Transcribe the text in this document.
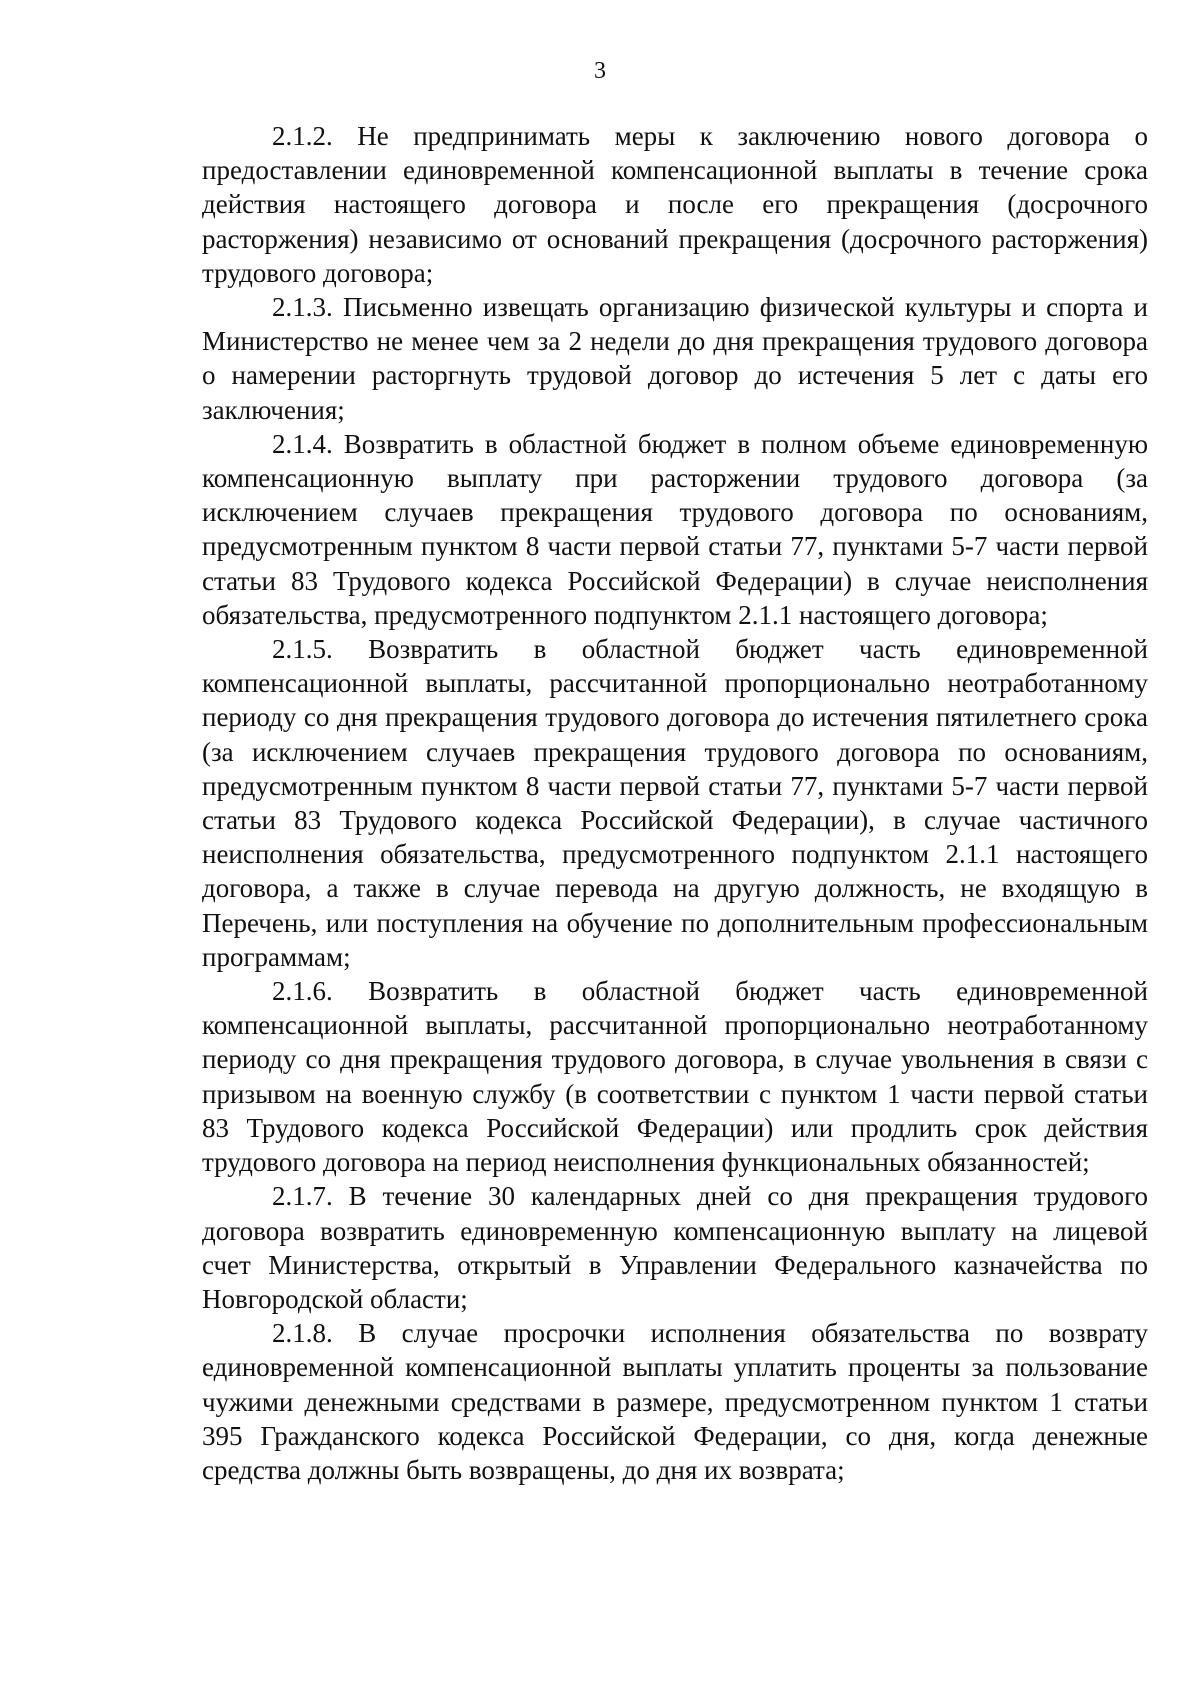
3

2.1.2. Не предпринимать меры к заключению нового договора о предоставлении единовременной компенсационной выплаты в течение срока действия настоящего договора и после его прекращения (досрочного расторжения) независимо от оснований прекращения (досрочного расторжения) трудового договора;

2.1.3. Письменно извещать организацию физической культуры и спорта и Министерство не менее чем за 2 недели до дня прекращения трудового договора о намерении расторгнуть трудовой договор до истечения 5 лет с даты его заключения;

2.1.4. Возвратить в областной бюджет в полном объеме единовременную компенсационную выплату при расторжении трудового договора (за исключением случаев прекращения трудового договора по основаниям, предусмотренным пунктом 8 части первой статьи 77, пунктами 5-7 части первой статьи 83 Трудового кодекса Российской Федерации) в случае неисполнения обязательства, предусмотренного подпунктом 2.1.1 настоящего договора;

2.1.5. Возвратить в областной бюджет часть единовременной компенсационной выплаты, рассчитанной пропорционально неотработанному периоду со дня прекращения трудового договора до истечения пятилетнего срока (за исключением случаев прекращения трудового договора по основаниям, предусмотренным пунктом 8 части первой статьи 77, пунктами 5-7 части первой статьи 83 Трудового кодекса Российской Федерации), в случае частичного неисполнения обязательства, предусмотренного подпунктом 2.1.1 настоящего договора, а также в случае перевода на другую должность, не входящую в Перечень, или поступления на обучение по дополнительным профессиональным программам;

2.1.6. Возвратить в областной бюджет часть единовременной компенсационной выплаты, рассчитанной пропорционально неотработанному периоду со дня прекращения трудового договора, в случае увольнения в связи с призывом на военную службу (в соответствии с пунктом 1 части первой статьи 83 Трудового кодекса Российской Федерации) или продлить срок действия трудового договора на период неисполнения функциональных обязанностей;

2.1.7. В течение 30 календарных дней со дня прекращения трудового договора возвратить единовременную компенсационную выплату на лицевой счет Министерства, открытый в Управлении Федерального казначейства по Новгородской области;

2.1.8. В случае просрочки исполнения обязательства по возврату единовременной компенсационной выплаты уплатить проценты за пользование чужими денежными средствами в размере, предусмотренном пунктом 1 статьи 395 Гражданского кодекса Российской Федерации, со дня, когда денежные средства должны быть возвращены, до дня их возврата;
